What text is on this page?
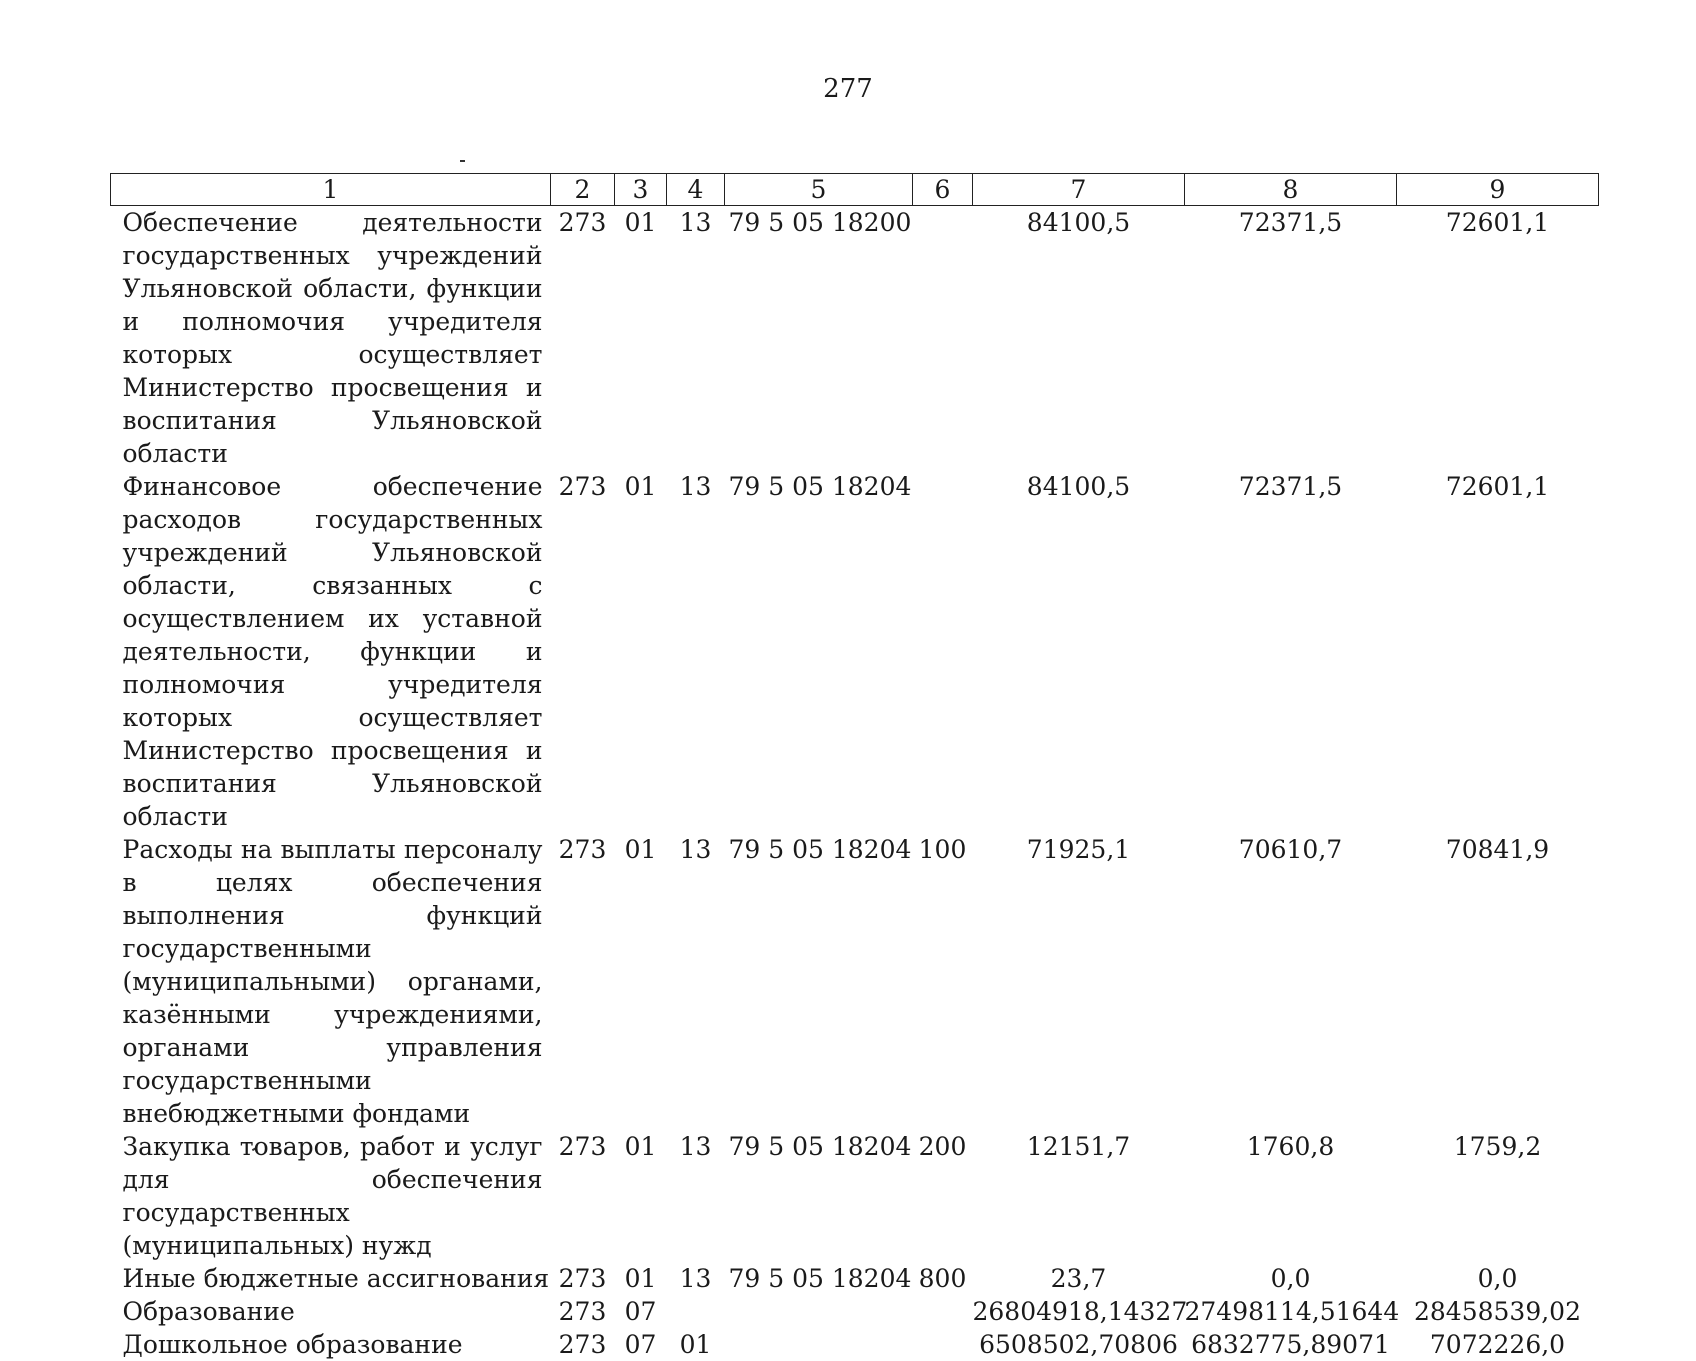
277
1	2	3	4	5	6	7	8	9
Обеспечение деятельности государственных учреждений Ульяновской области, функции и полномочия учредителя которых осуществляет Министерство просвещения и воспитания Ульяновской области	273	01	13	79 5 05 18200		84100,5	72371,5	72601,1
Финансовое обеспечение расходов государственных учреждений Ульяновской области, связанных с осуществлением их уставной деятельности, функции и полномочия учредителя которых осуществляет Министерство просвещения и воспитания Ульяновской области	273	01	13	79 5 05 18204		84100,5	72371,5	72601,1
Расходы на выплаты персоналу в целях обеспечения выполнения функций государственными (муниципальными) органами, казёнными учреждениями, органами управления государственными внебюджетными фондами	273	01	13	79 5 05 18204	100	71925,1	70610,7	70841,9
Закупка товаров, работ и услуг для обеспечения государственных (муниципальных) нужд	273	01	13	79 5 05 18204	200	12151,7	1760,8	1759,2
Иные бюджетные ассигнования	273	01	13	79 5 05 18204	800	23,7	0,0	0,0
Образование	273	07				26804918,14327	27498114,51644	28458539,02
Дошкольное образование	273	07	01			6508502,70806	6832775,89071	7072226,0
